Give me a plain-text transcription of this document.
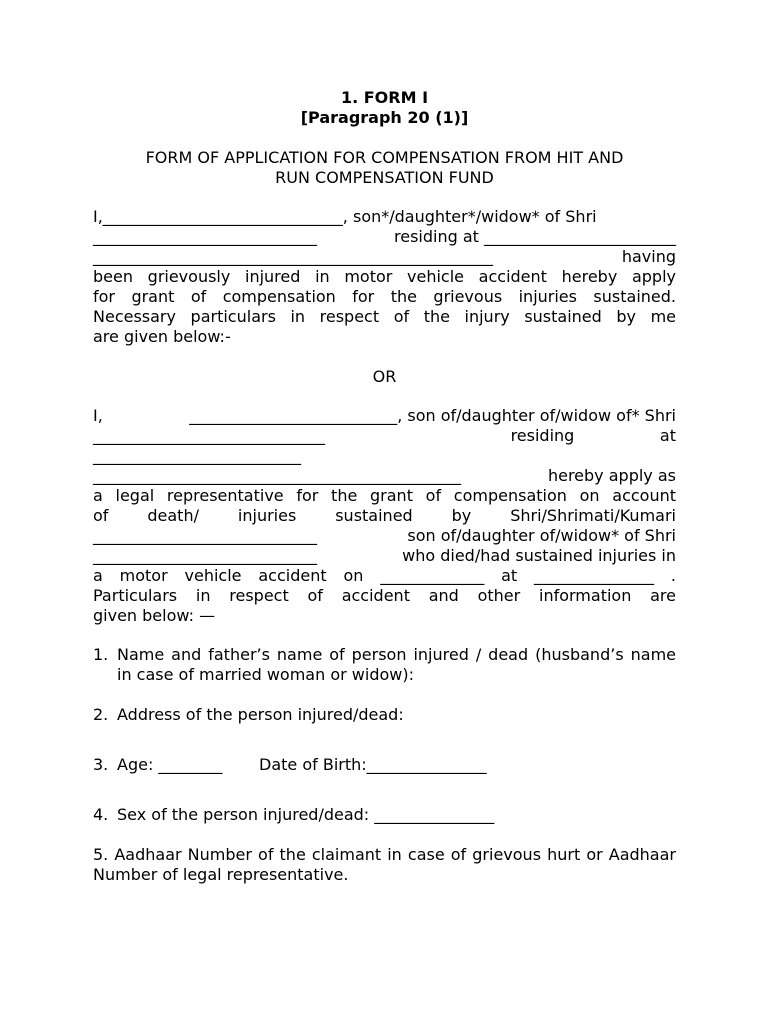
1. FORM I
[Paragraph 20 (1)]
FORM OF APPLICATION FOR COMPENSATION FROM HIT AND
RUN COMPENSATION FUND
I,______________________________, son*/daughter*/widow* of Shri
____________________________	residing at ________________________
__________________________________________________	having
been grievously injured in motor vehicle accident hereby apply
for grant of compensation for the grievous injuries sustained.
Necessary particulars in respect of the injury sustained by me
are given below:-
OR
I,	__________________________, son of/daughter of/widow of* Shri
_____________________________	residing	at
__________________________
______________________________________________	hereby apply as
a legal representative for the grant of compensation on account
of death/ injuries sustained by Shri/Shrimati/Kumari
____________________________	son of/daughter of/widow* of Shri
____________________________	who died/had sustained injuries in
a motor vehicle accident on _____________ at _______________ .
Particulars in respect of accident and other information are
given below: —
1. Name and father’s name of person injured / dead (husband’s name in case of married woman or widow):
2. Address of the person injured/dead:
3. Age: ________	Date of Birth:_______________
4. Sex of the person injured/dead: _______________
5. Aadhaar Number of the claimant in case of grievous hurt or Aadhaar Number of legal representative.
